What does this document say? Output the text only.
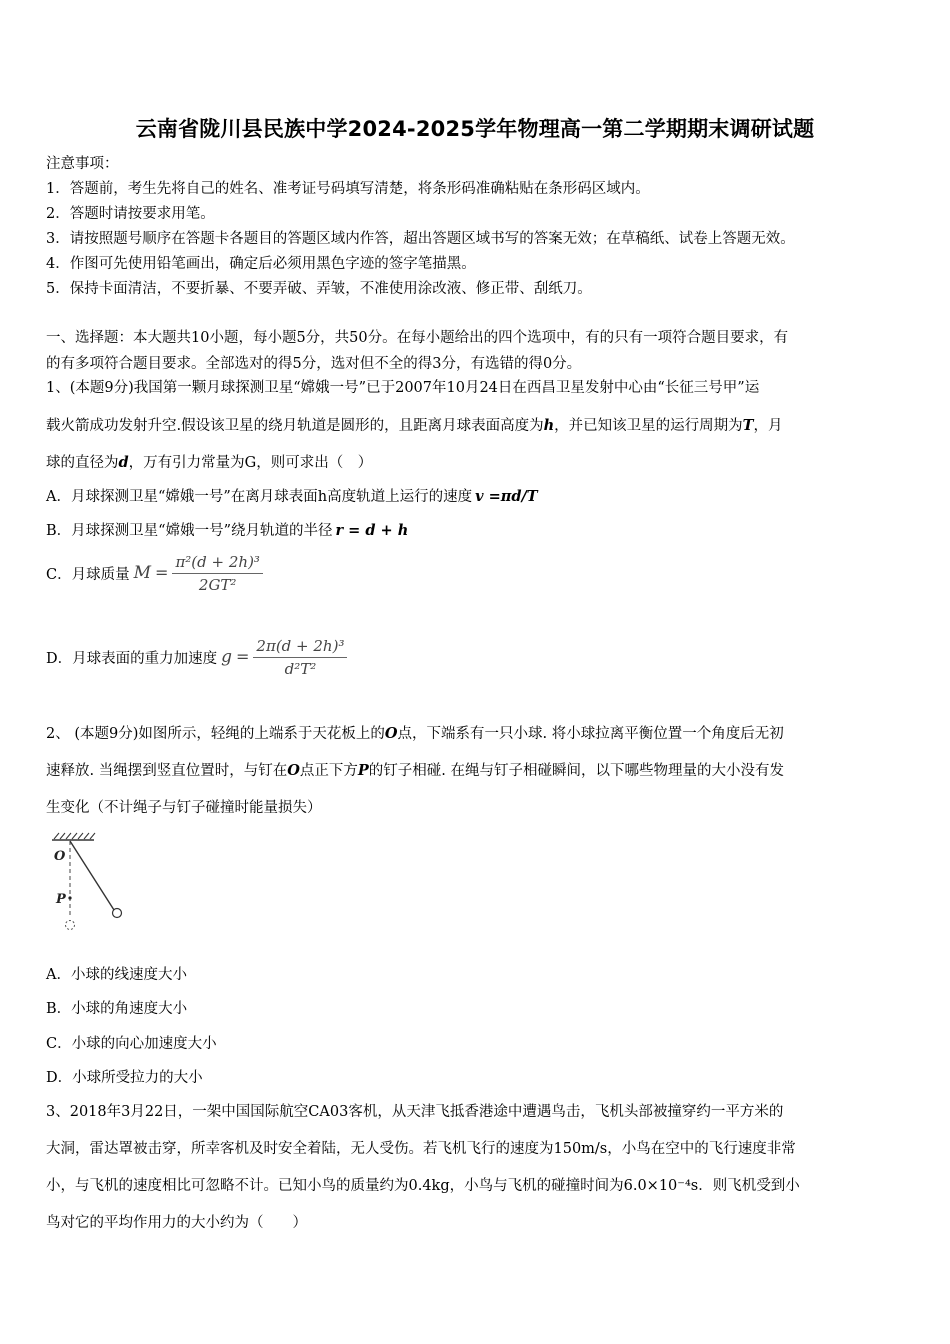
云南省陇川县民族中学2024-2025学年物理高一第二学期期末调研试题
注意事项：
1．答题前，考生先将自己的姓名、准考证号码填写清楚，将条形码准确粘贴在条形码区域内。
2．答题时请按要求用笔。
3．请按照题号顺序在答题卡各题目的答题区域内作答，超出答题区域书写的答案无效；在草稿纸、试卷上答题无效。
4．作图可先使用铅笔画出，确定后必须用黑色字迹的签字笔描黑。
5．保持卡面清洁，不要折暴、不要弄破、弄皱，不准使用涂改液、修正带、刮纸刀。
一、选择题：本大题共10小题，每小题5分，共50分。在每小题给出的四个选项中，有的只有一项符合题目要求，有
的有多项符合题目要求。全部选对的得5分，选对但不全的得3分，有选错的得0分。
1、(本题9分)我国第一颗月球探测卫星“嫦娥一号”已于2007年10月24日在西昌卫星发射中心由“长征三号甲”运
载火箭成功发射升空.假设该卫星的绕月轨道是圆形的，且距离月球表面高度为h，并已知该卫星的运行周期为T，月
球的直径为d，万有引力常量为G，则可求出（　）
A．月球探测卫星“嫦娥一号”在离月球表面h高度轨道上运行的速度 v =πd/T
B．月球探测卫星“嫦娥一号”绕月轨道的半径 r = d + h
C．月球质量 $M = \frac{\text{π²(d + 2h)³}}{\text{2GT²}}$
D．月球表面的重力加速度 $g = \frac{\text{2π(d + 2h)³}}{\text{d²T²}}$
2、 (本题9分)如图所示，轻绳的上端系于天花板上的O点，下端系有一只小球. 将小球拉离平衡位置一个角度后无初
速释放. 当绳摆到竖直位置时，与钉在O点正下方P的钉子相碰. 在绳与钉子相碰瞬间，以下哪些物理量的大小没有发
生变化（不计绳子与钉子碰撞时能量损失）
O
P
A．小球的线速度大小
B．小球的角速度大小
C．小球的向心加速度大小
D．小球所受拉力的大小
3、2018年3月22日，一架中国国际航空CA03客机，从天津飞抵香港途中遭遇鸟击，飞机头部被撞穿约一平方米的
大洞，雷达罩被击穿，所幸客机及时安全着陆，无人受伤。若飞机飞行的速度为150m/s，小鸟在空中的飞行速度非常
小，与飞机的速度相比可忽略不计。已知小鸟的质量约为0.4kg，小鸟与飞机的碰撞时间为6.0×10⁻⁴s．则飞机受到小
鸟对它的平均作用力的大小约为（　　）
